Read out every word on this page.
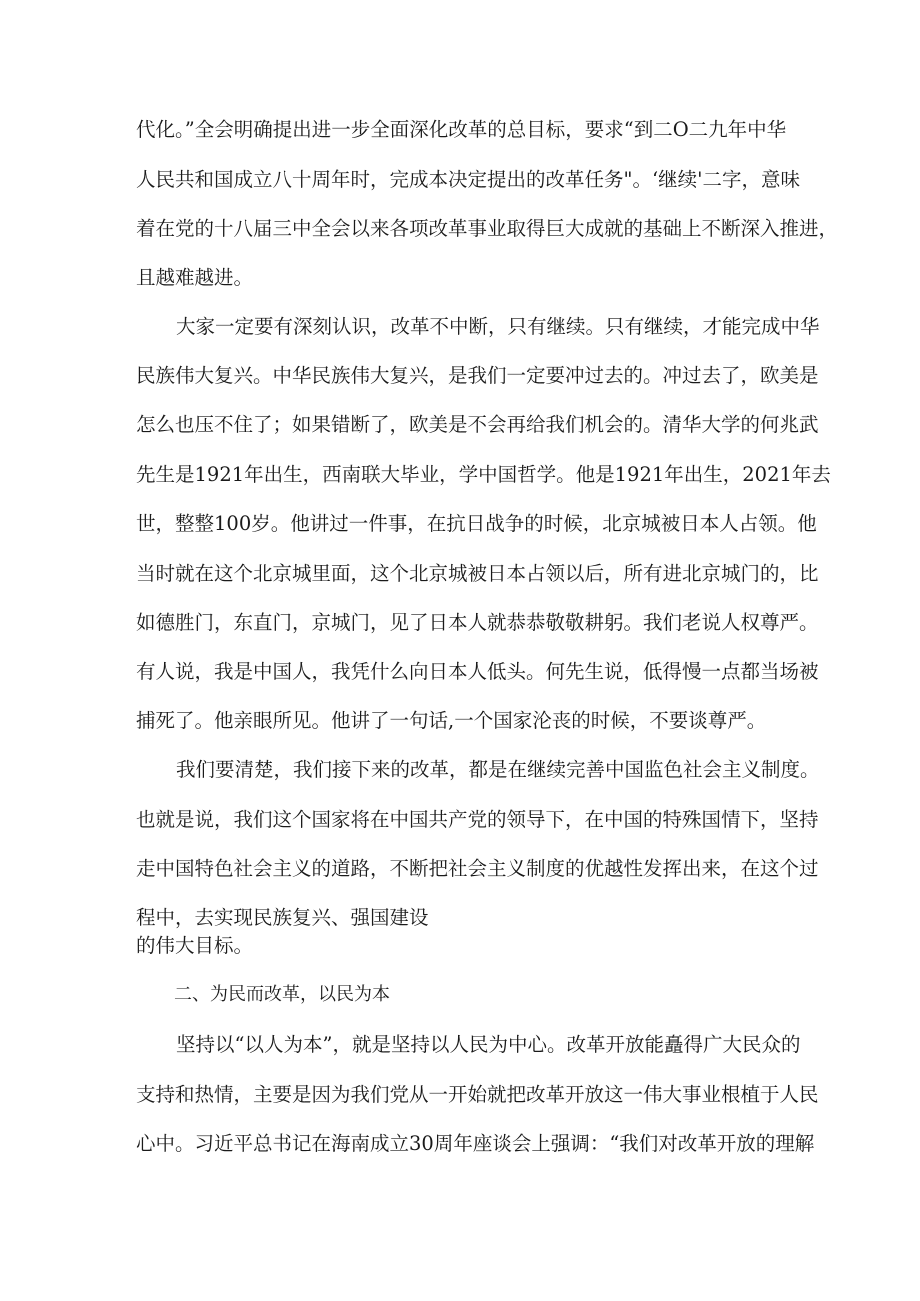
代化。”全会明确提出进一步全面深化改革的总目标，要求“到二O二九年中华
人民共和国成立八十周年时，完成本决定提出的改革任务"。‘继续'二字，意味
着在党的十八届三中全会以来各项改革事业取得巨大成就的基础上不断深入推进，
且越难越进。
大家一定要有深刻认识，改革不中断，只有继续。只有继续，才能完成中华
民族伟大复兴。中华民族伟大复兴，是我们一定要冲过去的。冲过去了，欧美是
怎么也压不住了；如果错断了，欧美是不会再给我们机会的。清华大学的何兆武
先生是1921年出生，西南联大毕业，学中国哲学。他是1921年出生，2021年去
世，整整100岁。他讲过一件事，在抗日战争的时候，北京城被日本人占领。他
当时就在这个北京城里面，这个北京城被日本占领以后，所有进北京城门的，比
如德胜门，东直门，京城门，见了日本人就恭恭敬敬耕躬。我们老说人权尊严。
有人说，我是中国人，我凭什么向日本人低头。何先生说，低得慢一点都当场被
捕死了。他亲眼所见。他讲了一句话,一个国家沦丧的时候，不要谈尊严。
我们要清楚，我们接下来的改革，都是在继续完善中国监色社会主义制度。
也就是说，我们这个国家将在中国共产党的领导下，在中国的特殊国情下，坚持
走中国特色社会主义的道路，不断把社会主义制度的优越性发挥出来，在这个过
程中，去实现民族复兴、强国建设
的伟大目标。
二、为民而改革，以民为本
坚持以“以人为本”，就是坚持以人民为中心。改革开放能矗得广大民众的
支持和热情，主要是因为我们党从一开始就把改革开放这一伟大事业根植于人民
心中。习近平总书记在海南成立30周年座谈会上强调：“我们对改革开放的理解
